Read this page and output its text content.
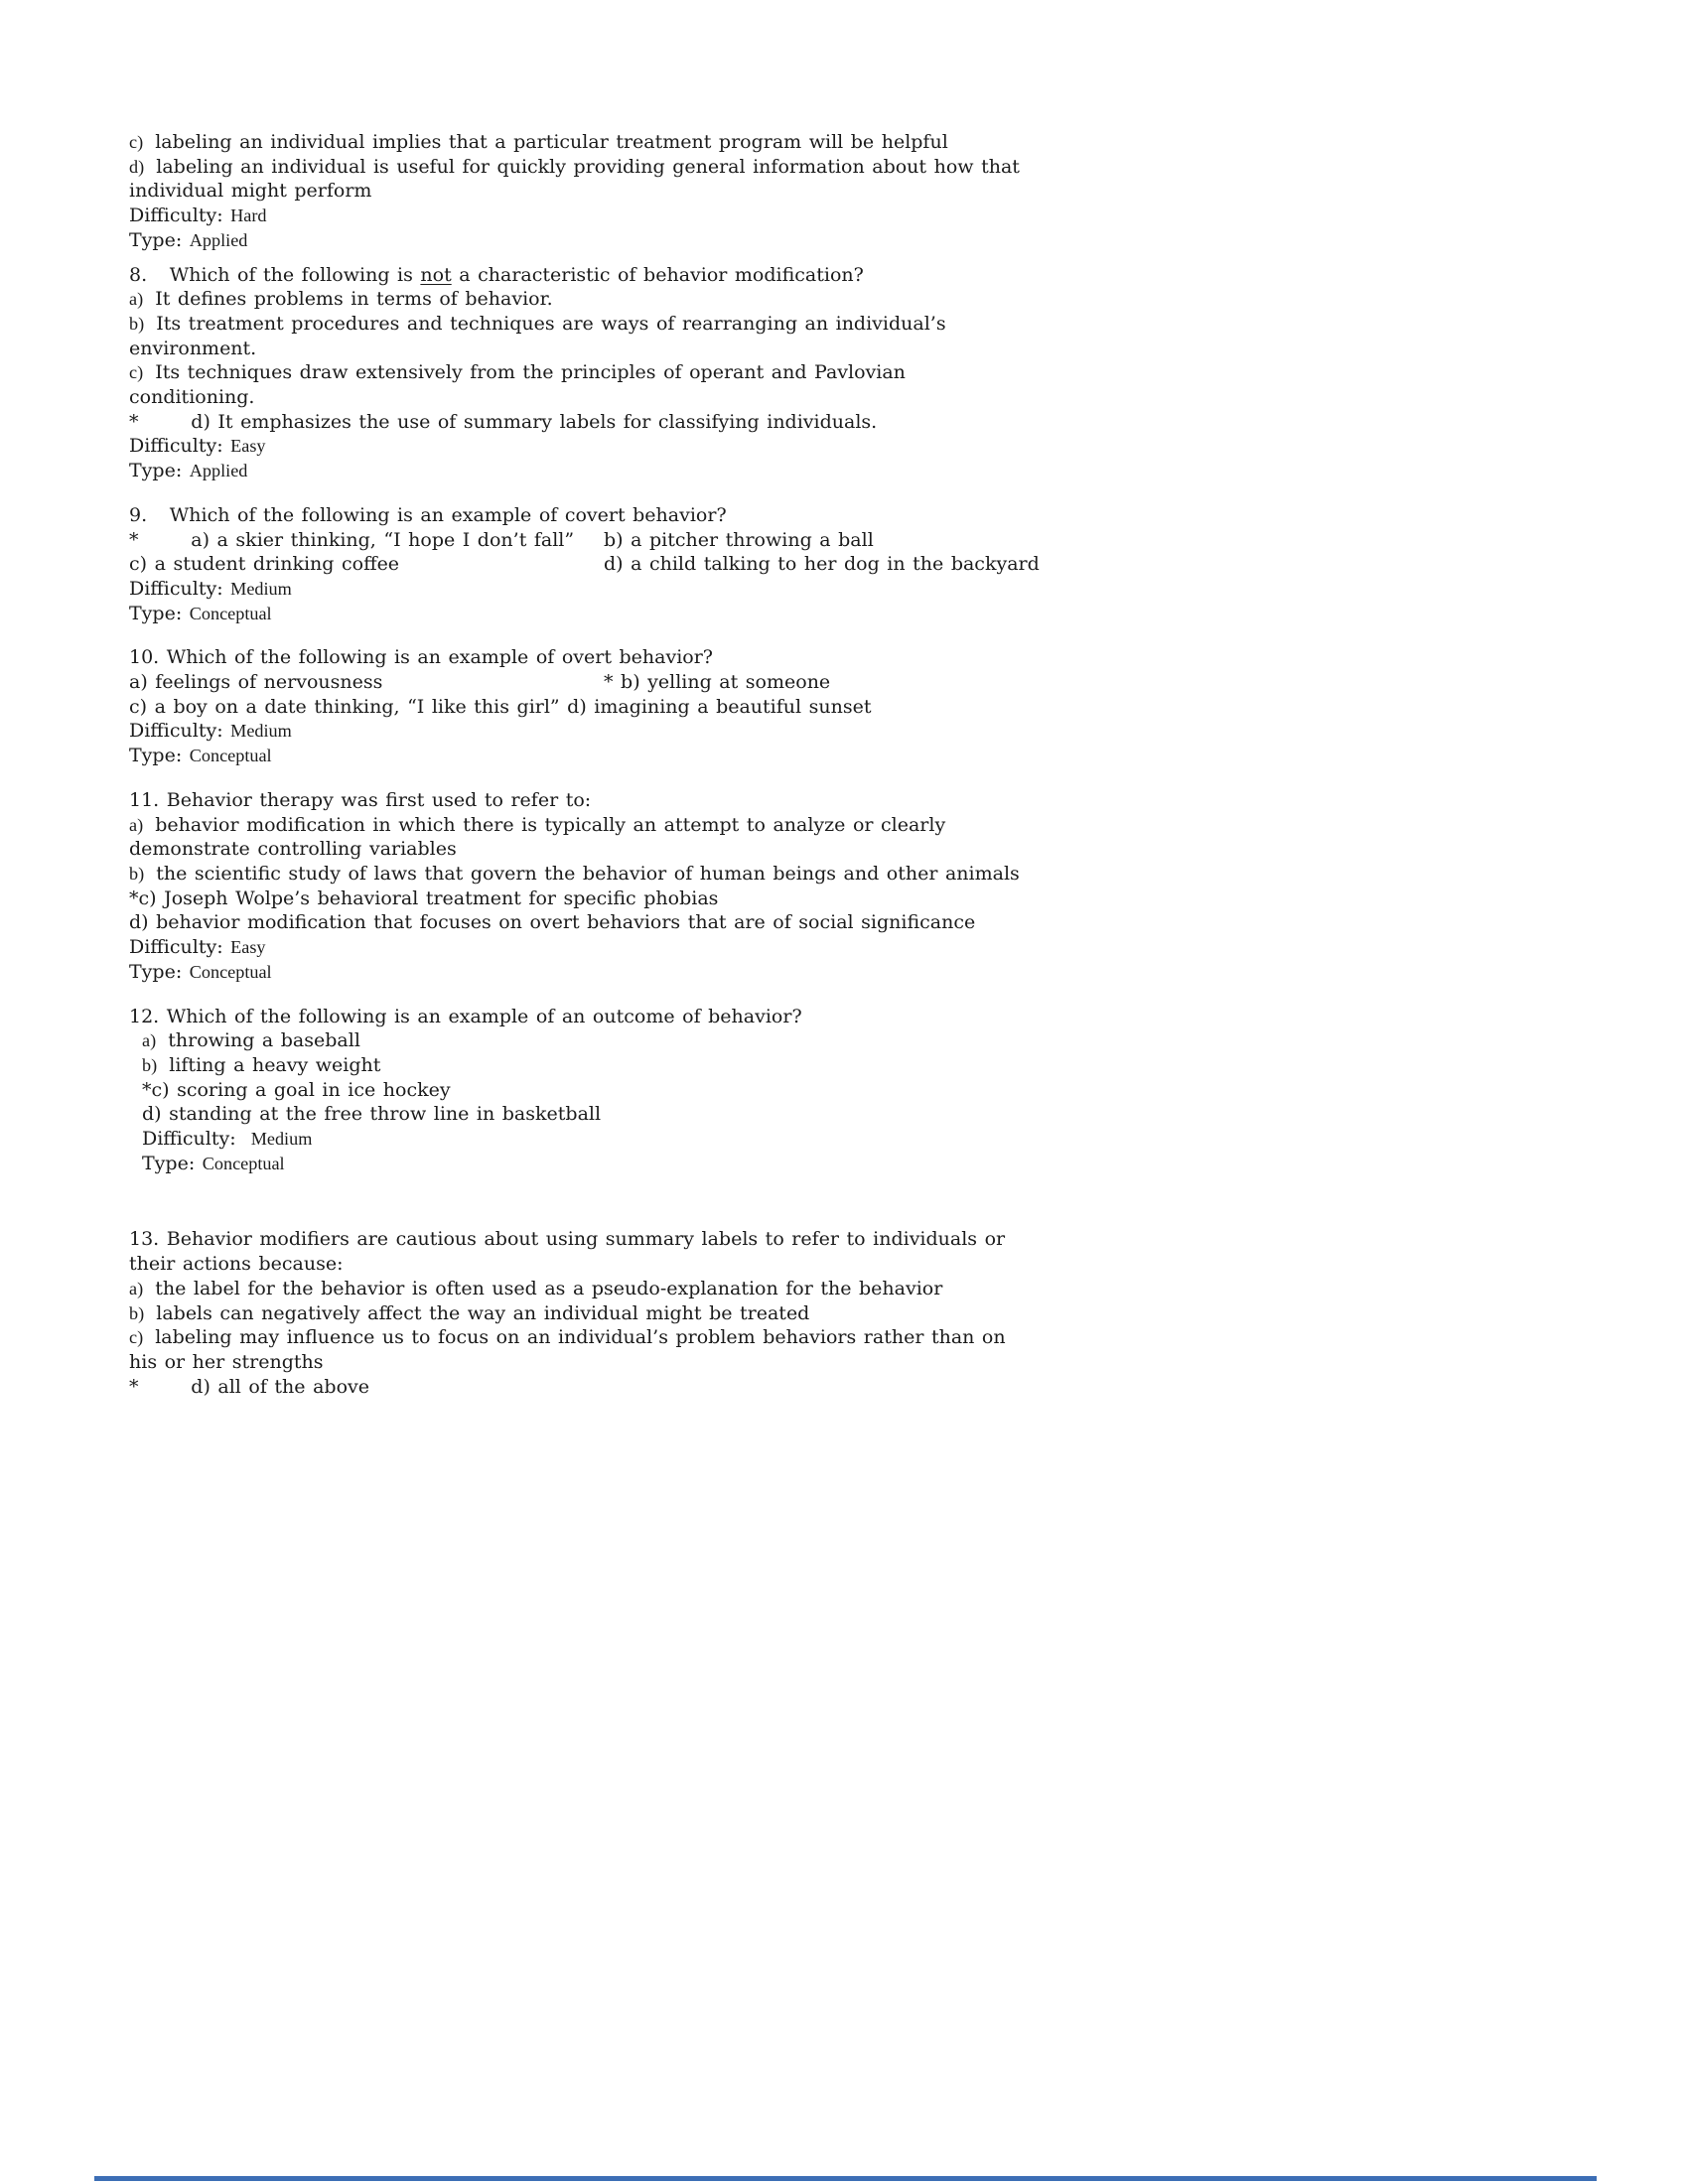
c)  labeling an individual implies that a particular treatment program will be helpful
d)  labeling an individual is useful for quickly providing general information about how that
individual might perform
Difficulty: Hard
Type: Applied
8.   Which of the following is not a characteristic of behavior modification?
a)  It defines problems in terms of behavior.
b)  Its treatment procedures and techniques are ways of rearranging an individual’s
environment.
c)  Its techniques draw extensively from the principles of operant and Pavlovian
conditioning.
*       d) It emphasizes the use of summary labels for classifying individuals.
Difficulty: Easy
Type: Applied
9.   Which of the following is an example of covert behavior?
*       a) a skier thinking, “I hope I don’t fall” b) a pitcher throwing a ball
c) a student drinking coffee	d) a child talking to her dog in the backyard
Difficulty: Medium
Type: Conceptual
10. Which of the following is an example of overt behavior?
a) feelings of nervousness	* b) yelling at someone
c) a boy on a date thinking, “I like this girl” d) imagining a beautiful sunset
Difficulty: Medium
Type: Conceptual
11. Behavior therapy was first used to refer to:
a)  behavior modification in which there is typically an attempt to analyze or clearly
demonstrate controlling variables
b)  the scientific study of laws that govern the behavior of human beings and other animals
*c) Joseph Wolpe’s behavioral treatment for specific phobias
d) behavior modification that focuses on overt behaviors that are of social significance
Difficulty: Easy
Type: Conceptual
12. Which of the following is an example of an outcome of behavior?
a)  throwing a baseball
b)  lifting a heavy weight
*c) scoring a goal in ice hockey
d) standing at the free throw line in basketball
Difficulty:  Medium
Type: Conceptual
13. Behavior modifiers are cautious about using summary labels to refer to individuals or
their actions because:
a)  the label for the behavior is often used as a pseudo-explanation for the behavior
b)  labels can negatively affect the way an individual might be treated
c)  labeling may influence us to focus on an individual’s problem behaviors rather than on
his or her strengths
*       d) all of the above
